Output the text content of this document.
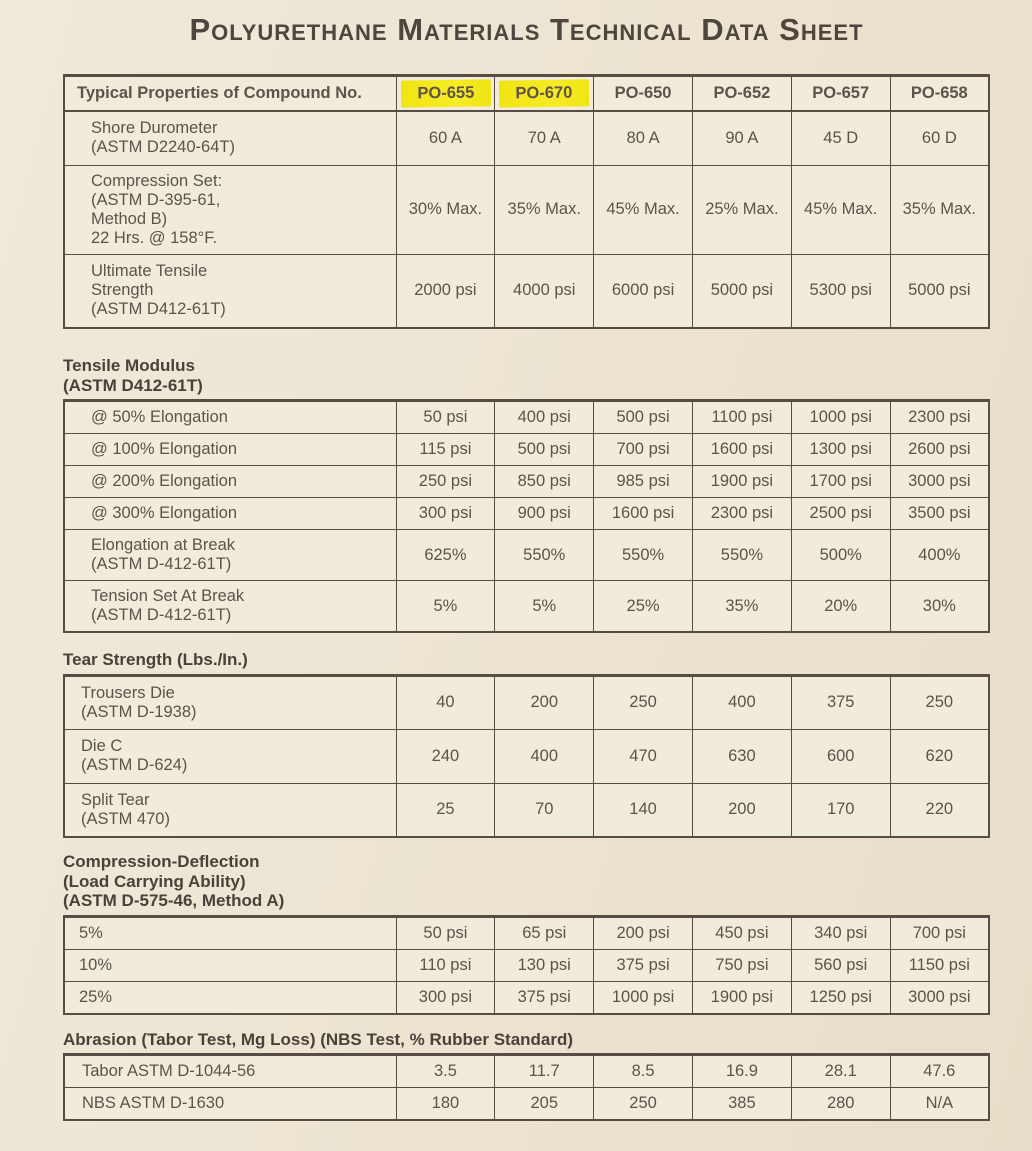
Polyurethane Materials Technical Data Sheet
Typical Properties of Compound No.	PO-655	PO-670	PO-650	PO-652	PO-657	PO-658

Shore Durometer
(ASTM D2240-64T)	60 A	70 A	80 A	90 A	45 D	60 D

Compression Set:
(ASTM D-395-61,
Method B)
22 Hrs. @ 158°F.	30% Max.	35% Max.	45% Max.	25% Max.	45% Max.	35% Max.

Ultimate Tensile
Strength
(ASTM D412-61T)	2000 psi	4000 psi	6000 psi	5000 psi	5300 psi	5000 psi
Tensile Modulus
(ASTM D412-61T)
@ 50% Elongation	50 psi	400 psi	500 psi	1100 psi	1000 psi	2300 psi

@ 100% Elongation	115 psi	500 psi	700 psi	1600 psi	1300 psi	2600 psi

@ 200% Elongation	250 psi	850 psi	985 psi	1900 psi	1700 psi	3000 psi

@ 300% Elongation	300 psi	900 psi	1600 psi	2300 psi	2500 psi	3500 psi

Elongation at Break
(ASTM D-412-61T)	625%	550%	550%	550%	500%	400%

Tension Set At Break
(ASTM D-412-61T)	5%	5%	25%	35%	20%	30%
Tear Strength (Lbs./In.)
Trousers Die
(ASTM D-1938)	40	200	250	400	375	250

Die C
(ASTM D-624)	240	400	470	630	600	620

Split Tear
(ASTM 470)	25	70	140	200	170	220
Compression-Deflection
(Load Carrying Ability)
(ASTM D-575-46, Method A)
5%	50 psi	65 psi	200 psi	450 psi	340 psi	700 psi

10%	110 psi	130 psi	375 psi	750 psi	560 psi	1150 psi

25%	300 psi	375 psi	1000 psi	1900 psi	1250 psi	3000 psi
Abrasion (Tabor Test, Mg Loss) (NBS Test, % Rubber Standard)
Tabor ASTM D-1044-56	3.5	11.7	8.5	16.9	28.1	47.6

NBS ASTM D-1630	180	205	250	385	280	N/A
